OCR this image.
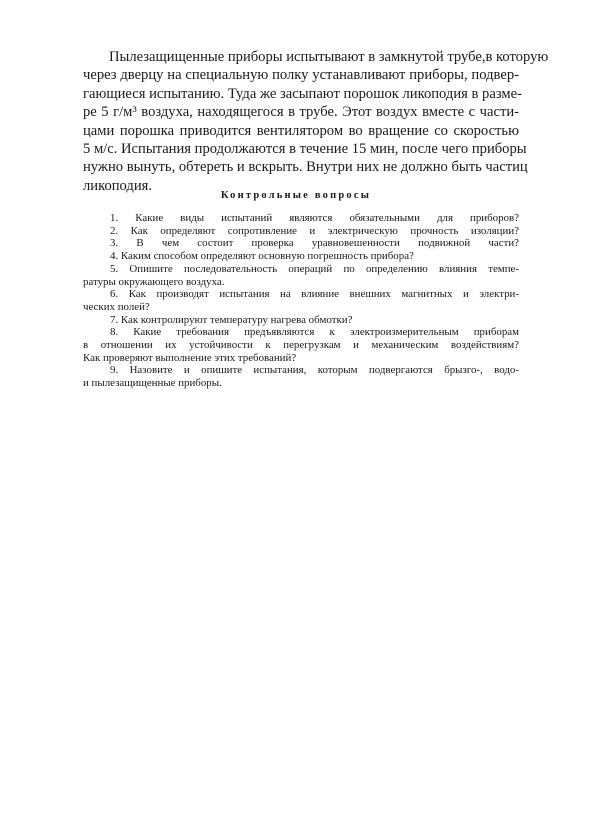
Пылезащищенные приборы испытывают в замкнутой трубе,в которую
через дверцу на специальную полку устанавливают приборы, подвер-
гающиеся испытанию. Туда же засыпают порошок ликоподия в разме-
ре 5 г/м³ воздуха, находящегося в трубе. Этот воздух вместе с части-
цами порошка приводится вентилятором во вращение со скоростью
5 м/с. Испытания продолжаются в течение 15 мин, после чего приборы
нужно вынуть, обтереть и вскрыть. Внутри них не должно быть частиц
ликоподия.
Контрольные вопросы
1. Какие виды испытаний являются обязательными для приборов?
2. Как определяют сопротивление и электрическую прочность изоляции?
3. В чем состоит проверка уравновешенности подвижной части?
4. Каким способом определяют основную погрешность прибора?
5. Опишите последовательность операций по определению влияния темпе-
ратуры окружающего воздуха.
6. Как производят испытания на влияние внешних магнитных и электри-
ческих полей?
7. Как контролируют температуру нагрева обмотки?
8. Какие требования предъявляются к электроизмерительным приборам
в отношении их устойчивости к перегрузкам и механическим воздействиям?
Как проверяют выполнение этих требований?
9. Назовите и опишите испытания, которым подвергаются брызго-, водо-
и пылезащищенные приборы.
